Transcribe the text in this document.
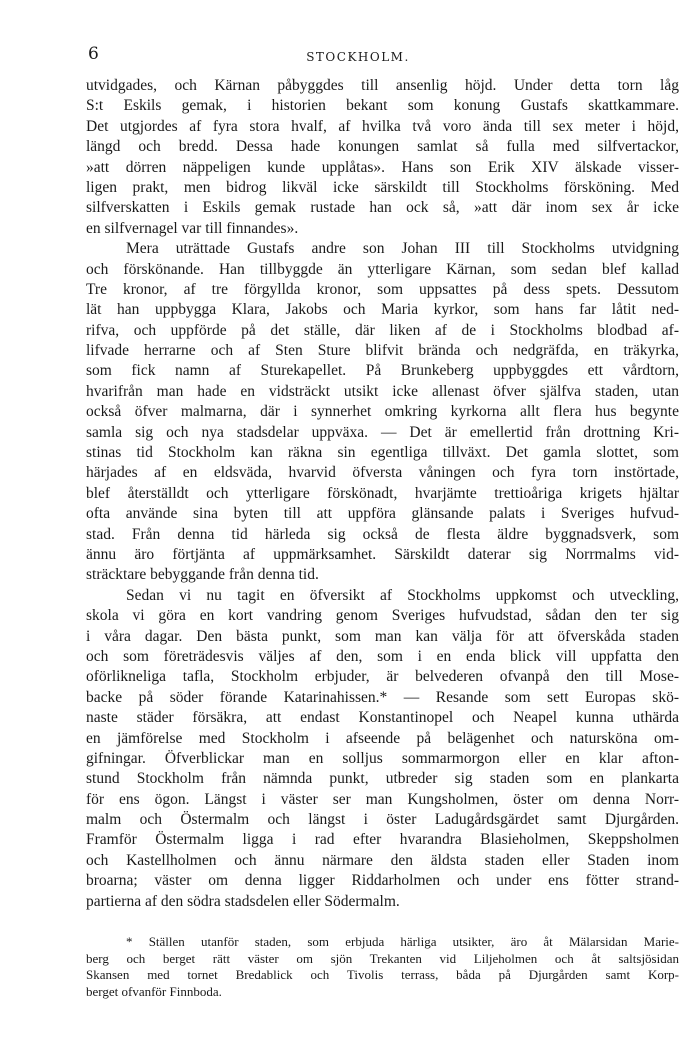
6	STOCKHOLM.
utvidgades, och Kärnan påbyggdes till ansenlig höjd. Under detta torn låg
S:t Eskils gemak, i historien bekant som konung Gustafs skattkammare.
Det utgjordes af fyra stora hvalf, af hvilka två voro ända till sex meter i höjd,
längd och bredd. Dessa hade konungen samlat så fulla med silfvertackor,
»att dörren näppeligen kunde upplåtas». Hans son Erik XIV älskade visser-
ligen prakt, men bidrog likväl icke särskildt till Stockholms försköning. Med
silfverskatten i Eskils gemak rustade han ock så, »att där inom sex år icke
en silfvernagel var till finnandes».
Mera uträttade Gustafs andre son Johan III till Stockholms utvidgning
och förskönande. Han tillbyggde än ytterligare Kärnan, som sedan blef kallad
Tre kronor, af tre förgyllda kronor, som uppsattes på dess spets. Dessutom
lät han uppbygga Klara, Jakobs och Maria kyrkor, som hans far låtit ned-
rifva, och uppförde på det ställe, där liken af de i Stockholms blodbad af-
lifvade herrarne och af Sten Sture blifvit brända och nedgräfda, en träkyrka,
som fick namn af Sturekapellet. På Brunkeberg uppbyggdes ett vårdtorn,
hvarifrån man hade en vidsträckt utsikt icke allenast öfver själfva staden, utan
också öfver malmarna, där i synnerhet omkring kyrkorna allt flera hus begynte
samla sig och nya stadsdelar uppväxa. — Det är emellertid från drottning Kri-
stinas tid Stockholm kan räkna sin egentliga tillväxt. Det gamla slottet, som
härjades af en eldsväda, hvarvid öfversta våningen och fyra torn instörtade,
blef återställdt och ytterligare förskönadt, hvarjämte trettioåriga krigets hjältar
ofta använde sina byten till att uppföra glänsande palats i Sveriges hufvud-
stad. Från denna tid härleda sig också de flesta äldre byggnadsverk, som
ännu äro förtjänta af uppmärksamhet. Särskildt daterar sig Norrmalms vid-
sträcktare bebyggande från denna tid.
Sedan vi nu tagit en öfversikt af Stockholms uppkomst och utveckling,
skola vi göra en kort vandring genom Sveriges hufvudstad, sådan den ter sig
i våra dagar. Den bästa punkt, som man kan välja för att öfverskåda staden
och som företrädesvis väljes af den, som i en enda blick vill uppfatta den
oförlikneliga tafla, Stockholm erbjuder, är belvederen ofvanpå den till Mose-
backe på söder förande Katarinahissen.* — Resande som sett Europas skö-
naste städer försäkra, att endast Konstantinopel och Neapel kunna uthärda
en jämförelse med Stockholm i afseende på belägenhet och natursköna om-
gifningar. Öfverblickar man en solljus sommarmorgon eller en klar afton-
stund Stockholm från nämnda punkt, utbreder sig staden som en plankarta
för ens ögon. Längst i väster ser man Kungsholmen, öster om denna Norr-
malm och Östermalm och längst i öster Ladugårdsgärdet samt Djurgården.
Framför Östermalm ligga i rad efter hvarandra Blasieholmen, Skeppsholmen
och Kastellholmen och ännu närmare den äldsta staden eller Staden inom
broarna; väster om denna ligger Riddarholmen och under ens fötter strand-
partierna af den södra stadsdelen eller Södermalm.
* Ställen utanför staden, som erbjuda härliga utsikter, äro åt Mälarsidan Marie-
berg och berget rätt väster om sjön Trekanten vid Liljeholmen och åt saltsjösidan
Skansen med tornet Bredablick och Tivolis terrass, båda på Djurgården samt Korp-
berget ofvanför Finnboda.
